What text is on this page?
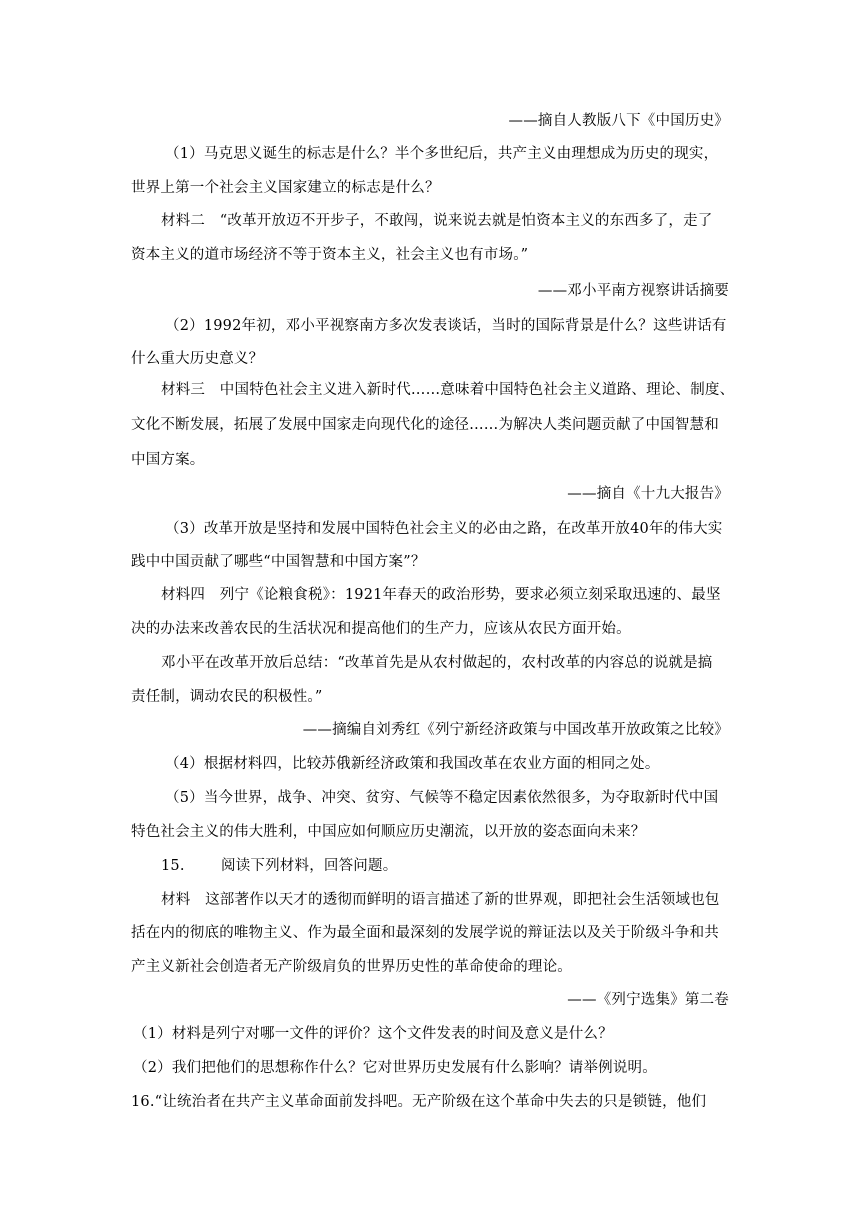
——摘自人教版八下《中国历史》
（1）马克思义诞生的标志是什么？半个多世纪后，共产主义由理想成为历史的现实，
世界上第一个社会主义国家建立的标志是什么？
材料二　“改革开放迈不开步子，不敢闯，说来说去就是怕资本主义的东西多了，走了
资本主义的道市场经济不等于资本主义，社会主义也有市场。”
——邓小平南方视察讲话摘要
（2）1992年初，邓小平视察南方多次发表谈话，当时的国际背景是什么？这些讲话有
什么重大历史意义？
材料三　中国特色社会主义进入新时代……意味着中国特色社会主义道路、理论、制度、
文化不断发展，拓展了发展中国家走向现代化的途径……为解决人类问题贡献了中国智慧和
中国方案。
——摘自《十九大报告》
（3）改革开放是坚持和发展中国特色社会主义的必由之路，在改革开放40年的伟大实
践中中国贡献了哪些“中国智慧和中国方案”？
材料四　列宁《论粮食税》：1921年春天的政治形势，要求必须立刻采取迅速的、最坚
决的办法来改善农民的生活状况和提高他们的生产力，应该从农民方面开始。
邓小平在改革开放后总结：“改革首先是从农村做起的，农村改革的内容总的说就是搞
责任制，调动农民的积极性。”
——摘编自刘秀红《列宁新经济政策与中国改革开放政策之比较》
（4）根据材料四，比较苏俄新经济政策和我国改革在农业方面的相同之处。
（5）当今世界，战争、冲突、贫穷、气候等不稳定因素依然很多，为夺取新时代中国
特色社会主义的伟大胜利，中国应如何顺应历史潮流，以开放的姿态面向未来？
15.	阅读下列材料，回答问题。
材料　这部著作以天才的透彻而鲜明的语言描述了新的世界观，即把社会生活领域也包
括在内的彻底的唯物主义、作为最全面和最深刻的发展学说的辩证法以及关于阶级斗争和共
产主义新社会创造者无产阶级肩负的世界历史性的革命使命的理论。
——《列宁选集》第二卷
（1）材料是列宁对哪一文件的评价？这个文件发表的时间及意义是什么？
（2）我们把他们的思想称作什么？它对世界历史发展有什么影响？请举例说明。
16.“让统治者在共产主义革命面前发抖吧。无产阶级在这个革命中失去的只是锁链，他们
